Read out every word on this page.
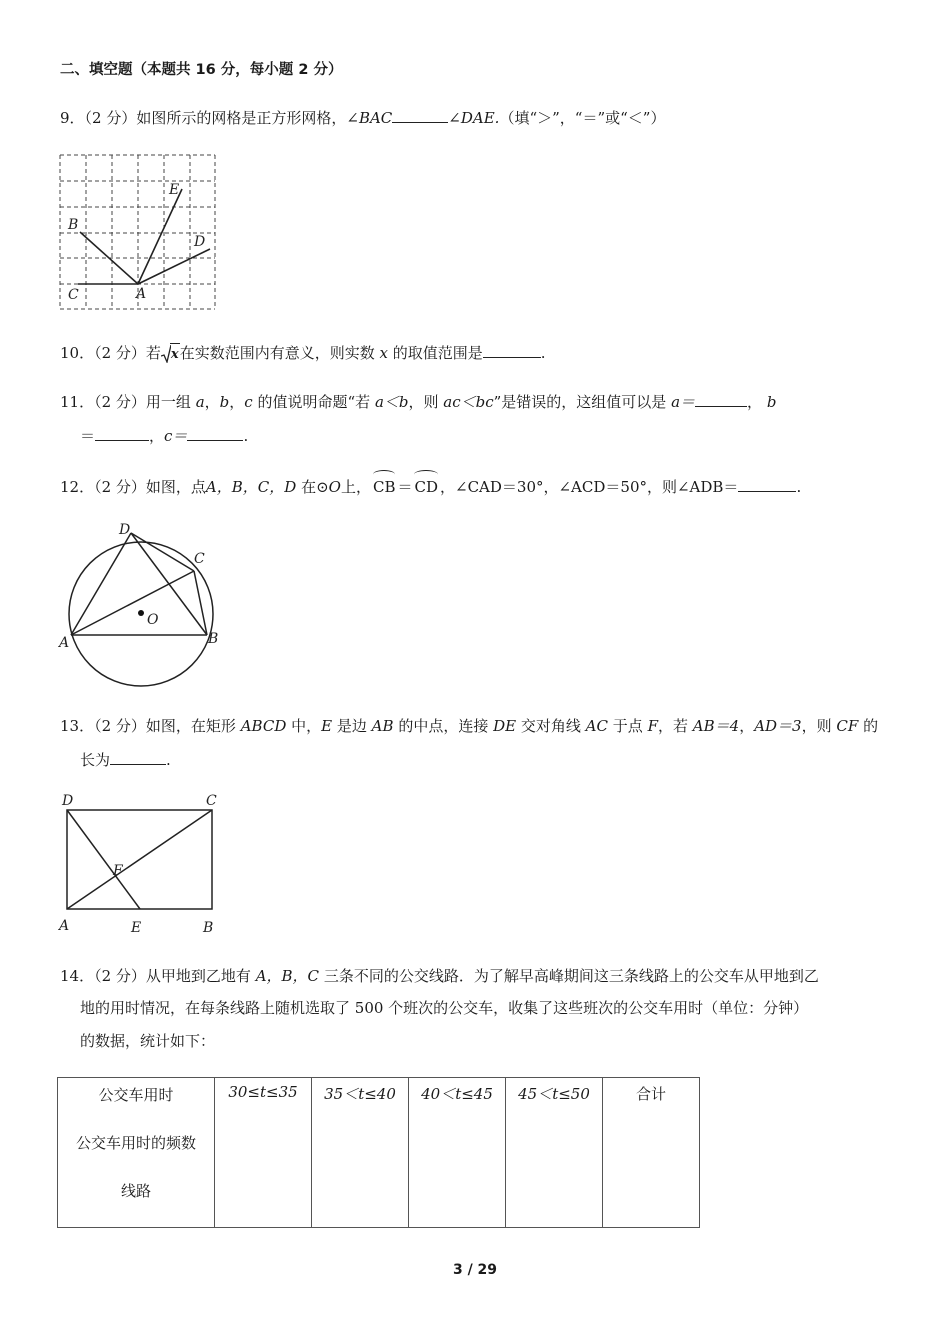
二、填空题（本题共 16 分，每小题 2 分）
9．（2 分）如图所示的网格是正方形网格，∠BAC	∠DAE.（填“＞”，“＝”或“＜”）
B
C	A
E
D
10．（2 分）若 x在实数范围内有意义，则实数 x 的取值范围是	.
11．（2 分）用一组 a，b，c 的值说明命题“若 a＜b，则 ac＜bc”是错误的，这组值可以是 a＝	， b
＝	，c＝	.
12．（2 分）如图，点A，B，C，D 在⊙O上， CB ＝ CD ，∠CAD＝30°，∠ACD＝50°，则∠ADB＝	.
D
C
O
A	B
13．（2 分）如图，在矩形 ABCD 中，E 是边 AB 的中点，连接 DE 交对角线 AC 于点 F，若 AB＝4，AD＝3，则 CF 的
长为	.
D	C
F
A	E	B
14．（2 分）从甲地到乙地有 A，B，C 三条不同的公交线路．为了解早高峰期间这三条线路上的公交车从甲地到乙
地的用时情况，在每条线路上随机选取了 500 个班次的公交车，收集了这些班次的公交车用时（单位：分钟）
的数据，统计如下：
公交车用时
公交车用时的频数
线路
	30≤t≤35	35＜t≤40	40＜t≤45	45＜t≤50	合计
3 / 29
